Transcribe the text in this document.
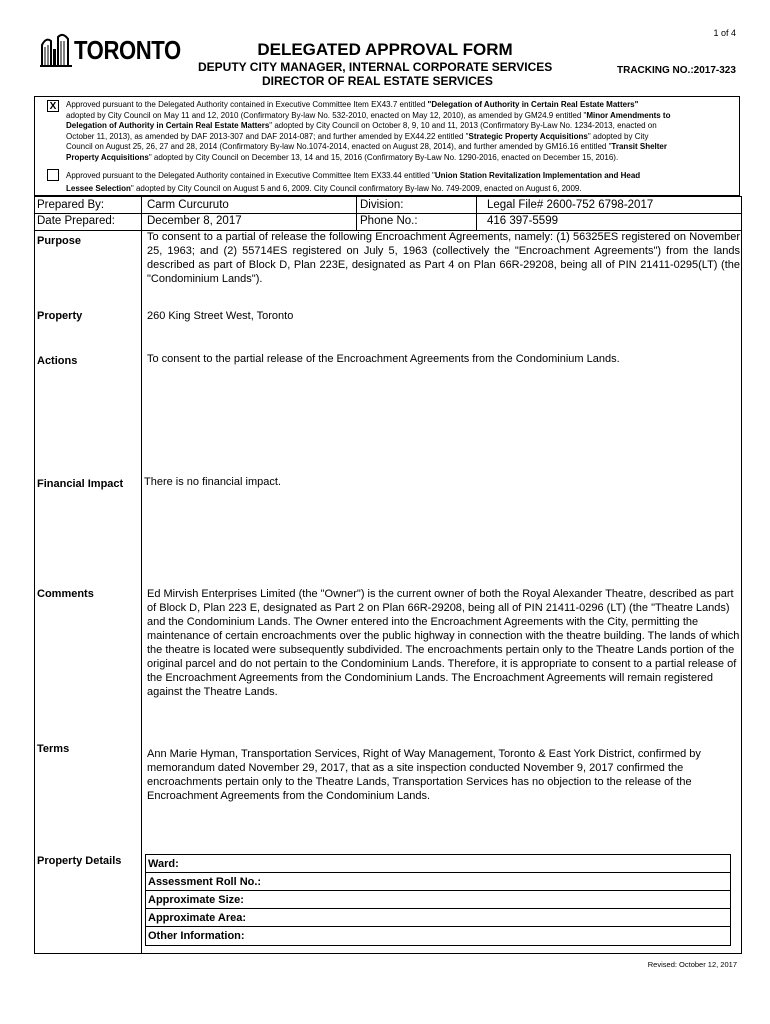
1 of 4
TORONTO	DELEGATED APPROVAL FORM
DEPUTY CITY MANAGER, INTERNAL CORPORATE SERVICES
DIRECTOR OF REAL ESTATE SERVICES
TRACKING NO.:2017-323
X	Approved pursuant to the Delegated Authority contained in Executive Committee Item EX43.7 entitled "Delegation of Authority in Certain Real Estate Matters"
adopted by City Council on May 11 and 12, 2010 (Confirmatory By-law No. 532-2010, enacted on May 12, 2010), as amended by GM24.9 entitled "Minor Amendments to
Delegation of Authority in Certain Real Estate Matters" adopted by City Council on October 8, 9, 10 and 11, 2013 (Confirmatory By-Law No. 1234-2013, enacted on
October 11, 2013), as amended by DAF 2013-307 and DAF 2014-087; and further amended by EX44.22 entitled "Strategic Property Acquisitions" adopted by City
Council on August 25, 26, 27 and 28, 2014 (Confirmatory By-law No.1074-2014, enacted on August 28, 2014), and further amended by GM16.16 entitled "Transit Shelter
Property Acquisitions" adopted by City Council on December 13, 14 and 15, 2016 (Confirmatory By-Law No. 1290-2016, enacted on December 15, 2016).
Approved pursuant to the Delegated Authority contained in Executive Committee Item EX33.44 entitled "Union Station Revitalization Implementation and Head
Lessee Selection" adopted by City Council on August 5 and 6, 2009. City Council confirmatory By-law No. 749-2009, enacted on August 6, 2009.
Prepared By:	Carm Curcuruto	Division:	Legal File# 2600-752 6798-2017
Date Prepared:	December 8, 2017	Phone No.:	416 397-5599
Purpose	To consent to a partial of release the following Encroachment Agreements, namely: (1) 56325ES registered on November 25, 1963; and (2) 55714ES registered on July 5, 1963 (collectively the "Encroachment Agreements") from the lands described as part of Block D, Plan 223E, designated as Part 4 on Plan 66R-29208, being all of PIN 21411-0295(LT) (the "Condominium Lands").
Property	260 King Street West, Toronto
Actions	To consent to the partial release of the Encroachment Agreements from the Condominium Lands.
Financial Impact There is no financial impact.
Comments	Ed Mirvish Enterprises Limited (the "Owner") is the current owner of both the Royal Alexander Theatre, described as part of Block D, Plan 223 E, designated as Part 2 on Plan 66R-29208, being all of PIN 21411-0296 (LT) (the "Theatre Lands) and the Condominium Lands. The Owner entered into the Encroachment Agreements with the City, permitting the maintenance of certain encroachments over the public highway in connection with the theatre building. The lands of which the theatre is located were subsequently subdivided. The encroachments pertain only to the Theatre Lands portion of the original parcel and do not pertain to the Condominium Lands. Therefore, it is appropriate to consent to a partial release of the Encroachment Agreements from the Condominium Lands. The Encroachment Agreements will remain registered against the Theatre Lands.
Terms	Ann Marie Hyman, Transportation Services, Right of Way Management, Toronto & East York District, confirmed by memorandum dated November 29, 2017, that as a site inspection conducted November 9, 2017 confirmed the encroachments pertain only to the Theatre Lands, Transportation Services has no objection to the release of the Encroachment Agreements from the Condominium Lands.
Property Details Ward:
Assessment Roll No.:
Approximate Size:
Approximate Area:
Other Information:
Revised: October 12, 2017
